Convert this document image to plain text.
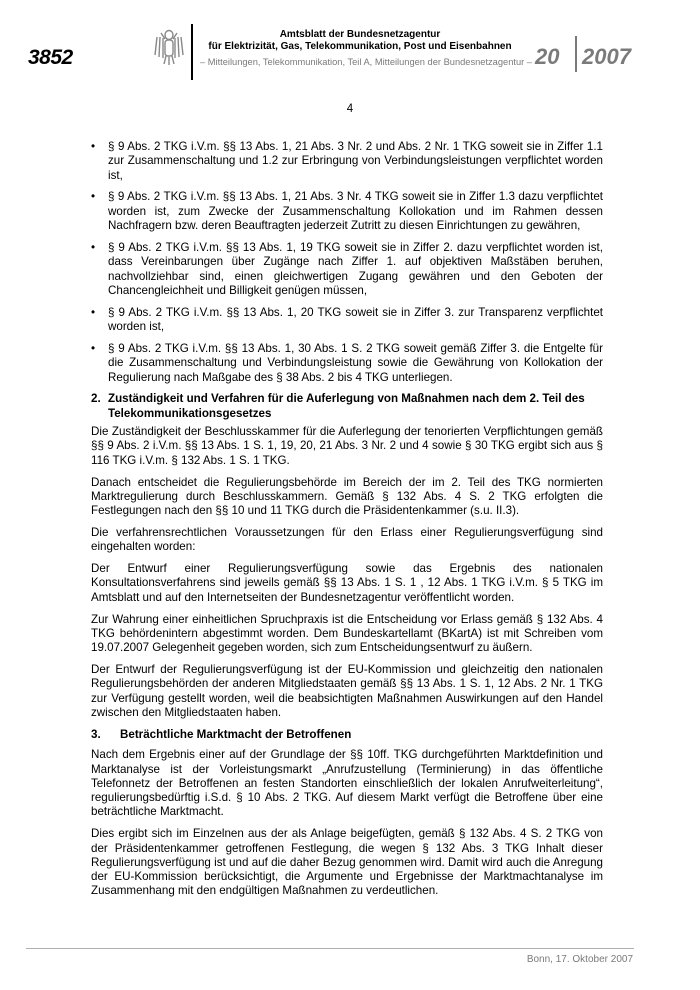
3852
Amtsblatt der Bundesnetzagentur
für Elektrizität, Gas, Telekommunikation, Post und Eisenbahnen
– Mitteilungen, Telekommunikation, Teil A, Mitteilungen der Bundesnetzagentur – 20 2007
4
• § 9 Abs. 2 TKG i.V.m. §§ 13 Abs. 1, 21 Abs. 3 Nr. 2 und Abs. 2 Nr. 1 TKG soweit sie in Ziffer 1.1 zur Zusammenschaltung und 1.2 zur Erbringung von Verbindungsleistungen verpflichtet worden ist,
• § 9 Abs. 2 TKG i.V.m. §§ 13 Abs. 1, 21 Abs. 3 Nr. 4 TKG soweit sie in Ziffer 1.3 dazu verpflichtet worden ist, zum Zwecke der Zusammenschaltung Kollokation und im Rahmen dessen Nachfragern bzw. deren Beauftragten jederzeit Zutritt zu diesen Einrichtungen zu gewähren,
• § 9 Abs. 2 TKG i.V.m. §§ 13 Abs. 1, 19 TKG soweit sie in Ziffer 2. dazu verpflichtet worden ist, dass Vereinbarungen über Zugänge nach Ziffer 1. auf objektiven Maßstäben beruhen, nachvollziehbar sind, einen gleichwertigen Zugang gewähren und den Geboten der Chancengleichheit und Billigkeit genügen müssen,
• § 9 Abs. 2 TKG i.V.m. §§ 13 Abs. 1, 20 TKG soweit sie in Ziffer 3. zur Transparenz verpflichtet worden ist,
• § 9 Abs. 2 TKG i.V.m. §§ 13 Abs. 1, 30 Abs. 1 S. 2 TKG soweit gemäß Ziffer 3. die Entgelte für die Zusammenschaltung und Verbindungsleistung sowie die Gewährung von Kollokation der Regulierung nach Maßgabe des § 38 Abs. 2 bis 4 TKG unterliegen.
2. Zuständigkeit und Verfahren für die Auferlegung von Maßnahmen nach dem 2. Teil des Telekommunikationsgesetzes

Die Zuständigkeit der Beschlusskammer für die Auferlegung der tenorierten Verpflichtungen gemäß §§ 9 Abs. 2 i.V.m. §§ 13 Abs. 1 S. 1, 19, 20, 21 Abs. 3 Nr. 2 und 4 sowie § 30 TKG ergibt sich aus § 116 TKG i.V.m. § 132 Abs. 1 S. 1 TKG.

Danach entscheidet die Regulierungsbehörde im Bereich der im 2. Teil des TKG normierten Marktregulierung durch Beschlusskammern. Gemäß § 132 Abs. 4 S. 2 TKG erfolgten die Festlegungen nach den §§ 10 und 11 TKG durch die Präsidentenkammer (s.u. II.3).

Die verfahrensrechtlichen Voraussetzungen für den Erlass einer Regulierungsverfügung sind eingehalten worden:

Der Entwurf einer Regulierungsverfügung sowie das Ergebnis des nationalen Konsultationsverfahrens sind jeweils gemäß §§ 13 Abs. 1 S. 1 , 12 Abs. 1 TKG i.V.m. § 5 TKG im Amtsblatt und auf den Internetseiten der Bundesnetzagentur veröffentlicht worden.

Zur Wahrung einer einheitlichen Spruchpraxis ist die Entscheidung vor Erlass gemäß § 132 Abs. 4 TKG behördenintern abgestimmt worden. Dem Bundeskartellamt (BKartA) ist mit Schreiben vom 19.07.2007 Gelegenheit gegeben worden, sich zum Entscheidungsentwurf zu äußern.

Der Entwurf der Regulierungsverfügung ist der EU-Kommission und gleichzeitig den nationalen Regulierungsbehörden der anderen Mitgliedstaaten gemäß §§ 13 Abs. 1 S. 1, 12 Abs. 2 Nr. 1 TKG zur Verfügung gestellt worden, weil die beabsichtigten Maßnahmen Auswirkungen auf den Handel zwischen den Mitgliedstaaten haben.

3.	Beträchtliche Marktmacht der Betroffenen

Nach dem Ergebnis einer auf der Grundlage der §§ 10ff. TKG durchgeführten Marktdefinition und Marktanalyse ist der Vorleistungsmarkt „Anrufzustellung (Terminierung) in das öffentliche Telefonnetz der Betroffenen an festen Standorten einschließlich der lokalen Anrufweiterleitung“, regulierungsbedürftig i.S.d. § 10 Abs. 2 TKG. Auf diesem Markt verfügt die Betroffene über eine beträchtliche Marktmacht.

Dies ergibt sich im Einzelnen aus der als Anlage beigefügten, gemäß § 132 Abs. 4 S. 2 TKG von der Präsidentenkammer getroffenen Festlegung, die wegen § 132 Abs. 3 TKG Inhalt dieser Regulierungsverfügung ist und auf die daher Bezug genommen wird. Damit wird auch die Anregung der EU-Kommission berücksichtigt, die Argumente und Ergebnisse der Marktmachtanalyse im Zusammenhang mit den endgültigen Maßnahmen zu verdeutlichen.

Bonn, 17. Oktober 2007
